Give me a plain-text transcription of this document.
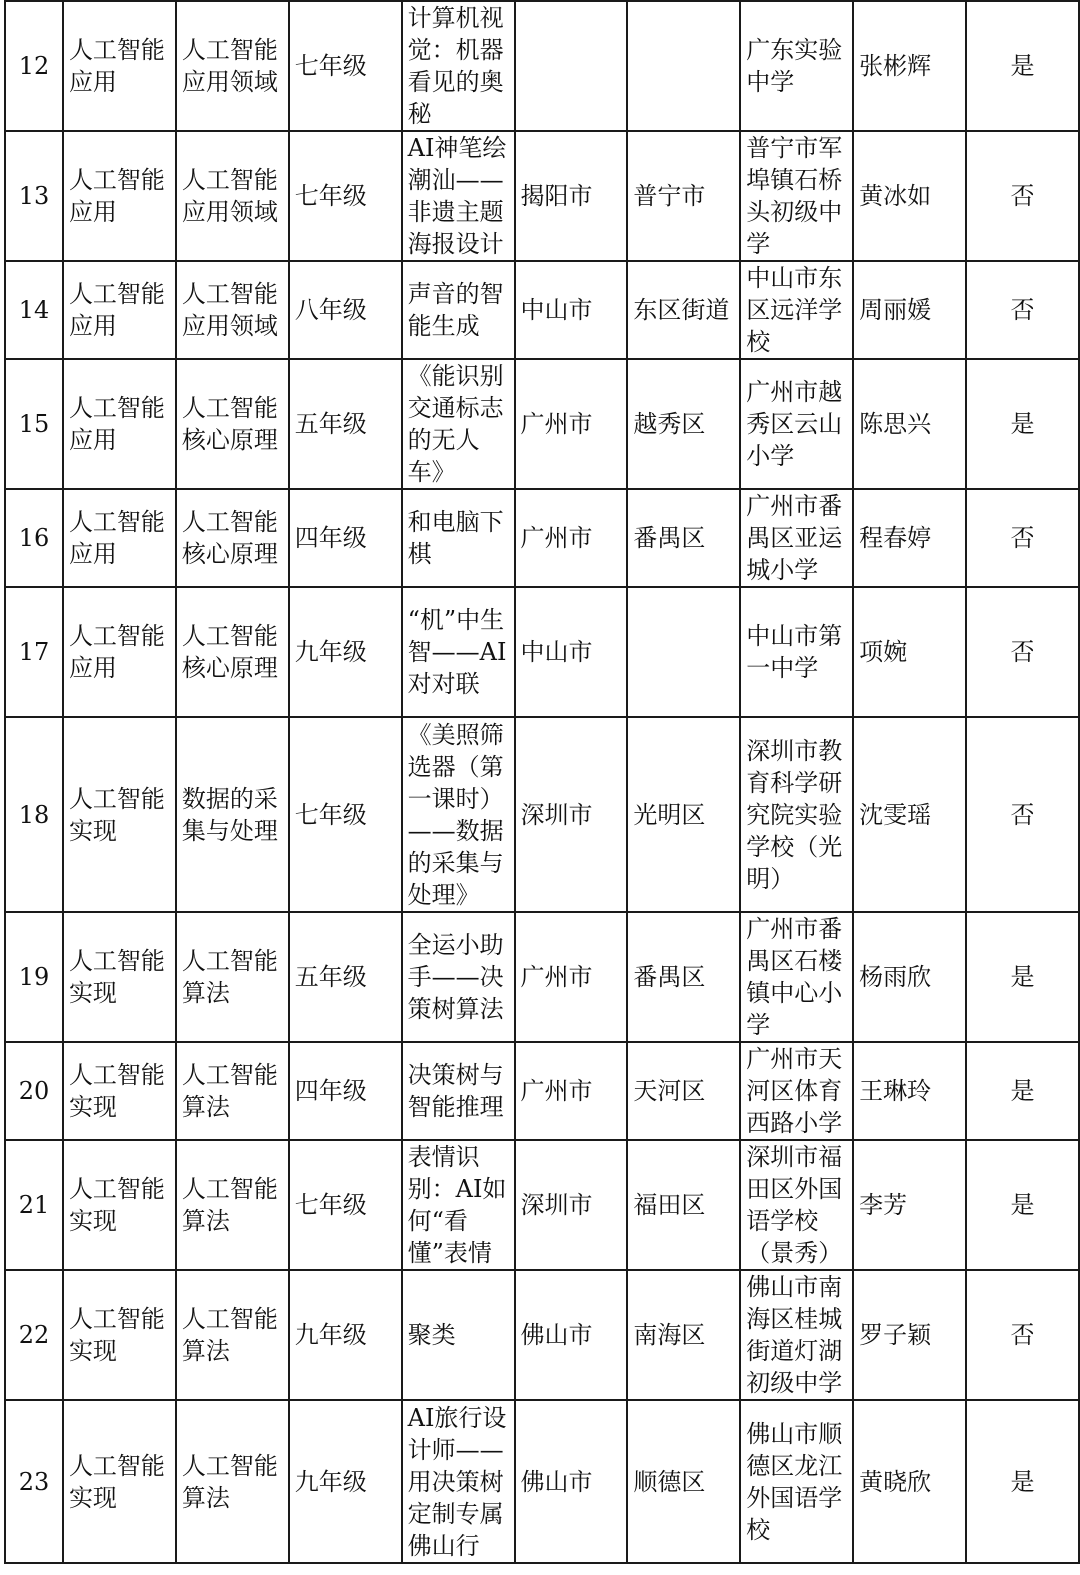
12	人工智能应用	人工智能应用领域	七年级	计算机视觉：机器看见的奥秘			广东实验中学	张彬辉	是
13	人工智能应用	人工智能应用领域	七年级	AI神笔绘潮汕——非遗主题海报设计	揭阳市	普宁市	普宁市军埠镇石桥头初级中学	黄冰如	否
14	人工智能应用	人工智能应用领域	八年级	声音的智能生成	中山市	东区街道	中山市东区远洋学校	周丽媛	否
15	人工智能应用	人工智能核心原理	五年级	《能识别交通标志的无人车》	广州市	越秀区	广州市越秀区云山小学	陈思兴	是
16	人工智能应用	人工智能核心原理	四年级	和电脑下棋	广州市	番禺区	广州市番禺区亚运城小学	程春婷	否
17	人工智能应用	人工智能核心原理	九年级	“机”中生智——AI对对联	中山市		中山市第一中学	项婉	否
18	人工智能实现	数据的采集与处理	七年级	《美照筛选器（第一课时）——数据的采集与处理》	深圳市	光明区	深圳市教育科学研究院实验学校（光明）	沈雯瑶	否
19	人工智能实现	人工智能算法	五年级	全运小助手——决策树算法	广州市	番禺区	广州市番禺区石楼镇中心小学	杨雨欣	是
20	人工智能实现	人工智能算法	四年级	决策树与智能推理	广州市	天河区	广州市天河区体育西路小学	王琳玲	是
21	人工智能实现	人工智能算法	七年级	表情识别：AI如何“看懂”表情	深圳市	福田区	深圳市福田区外国语学校（景秀）	李芳	是
22	人工智能实现	人工智能算法	九年级	聚类	佛山市	南海区	佛山市南海区桂城街道灯湖初级中学	罗子颖	否
23	人工智能实现	人工智能算法	九年级	AI旅行设计师——用决策树定制专属佛山行	佛山市	顺德区	佛山市顺德区龙江外国语学校	黄晓欣	是
